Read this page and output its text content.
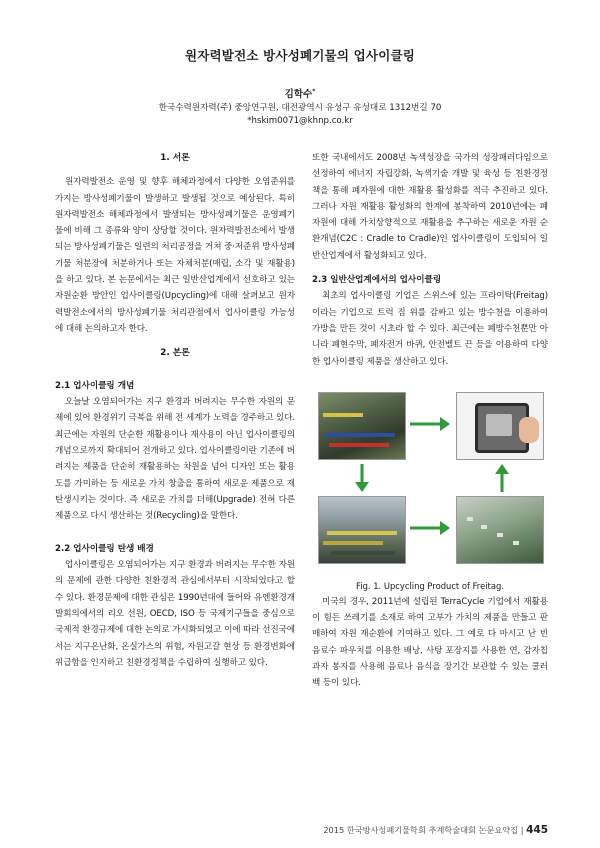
원자력발전소 방사성폐기물의 업사이클링
김학수*
한국수력원자력(주) 중앙연구원, 대전광역시 유성구 유성대로 1312번길 70
*hskim0071@khnp.co.kr

1. 서론

원자력발전소 운영 및 향후 해체과정에서 다양한 오염준위를 가지는 방사성폐기물이 발생하고 발생될 것으로 예상된다. 특히 원자력발전소 해체과정에서 발생되는 방사성폐기물은 운영폐기물에 비해 그 종류와 양이 상당할 것이다. 원자력발전소에서 발생되는 방사성폐기물은 일련의 처리공정을 거쳐 중·저준위 방사성폐기물 처분장에 처분하거나 또는 자체처분(매립, 소각 및 재활용)을 하고 있다. 본 논문에서는 최근 일반산업계에서 선호하고 있는 자원순환 방안인 업사이클링(Upcycling)에 대해 살펴보고 원자력발전소에서의 방사성폐기물 처리관점에서 업사이클링 가능성에 대해 논의하고자 한다.

2. 본론

2.1 업사이클링 개념

오늘날 오염되어가는 지구 환경과 버려지는 무수한 자원의 문제에 있어 환경위기 극복을 위해 전 세계가 노력을 경주하고 있다. 최근에는 자원의 단순한 재활용이나 재사용이 아닌 업사이클링의 개념으로까지 확대되어 전개하고 있다. 업사이클링이란 기존에 버려지는 제품을 단순히 재활용하는 차원을 넘어 디자인 또는 활용도를 가미하는 등 새로운 가치 창출을 통하여 새로운 제품으로 재탄생시키는 것이다. 즉 새로운 가치를 더해(Upgrade) 전혀 다른 제품으로 다시 생산하는 것(Recycling)을 말한다.

2.2 업사이클링 탄생 배경

업사이클링은 오염되어가는 지구 환경과 버려지는 무수한 자원의 문제에 관한 다양한 친환경적 관심에서부터 시작되었다고 할 수 있다. 환경문제에 대한 관심은 1990년대에 들어와 유엔환경개발회의에서의 리오 선원, OECD, ISO 등 국제기구들을 중심으로 국제적 환경규제에 대한 논의로 가시화되었고 이에 따라 선진국에서는 지구온난화, 온실가스의 위험, 자원고갈 현상 등 환경변화에 위급함을 인지하고 친환경정책을 수립하여 실행하고 있다.

또한 국내에서도 2008년 녹색성장을 국가의 성장패러다임으로 선정하여 에너지 자립강화, 녹색기술 개발 및 육성 등 친환경정책을 통해 폐자원에 대한 재활용 활성화를 적극 추진하고 있다. 그러나 자원 재활용 활성화의 한계에 봉착하여 2010년에는 폐자원에 대해 가치상향적으로 재활용을 추구하는 새로운 자원 순환개념(C2C : Cradle to Cradle)인 업사이클링이 도입되어 일반산업계에서 활성화되고 있다.

2.3 일반산업계에서의 업사이클링

최초의 업사이클링 기업은 스위스에 있는 프라이탁(Freitag)이라는 기업으로 트럭 짐 위를 감싸고 있는 방수천을 이용하여 가방을 만든 것이 시초라 할 수 있다. 최근에는 폐방수천뿐만 아니라 폐현수막, 폐자전거 바퀴, 안전벨트 끈 등을 이용하여 다양한 업사이클링 제품을 생산하고 있다.

Fig. 1. Upcycling Product of Freitag.

미국의 경우, 2011년에 설립된 TerraCycle 기업에서 재활용이 힘든 쓰레기를 소재로 하여 고부가 가치의 제품을 만들고 판매하여 자원 재순환에 기여하고 있다. 그 예로 다 마시고 난 빈 음료수 파우치를 이용한 배낭, 사탕 포장지를 사용한 연, 감자칩 과자 봉지를 사용해 음료나 음식을 장기간 보관할 수 있는 쿨러백 등이 있다.

2015 한국방사성폐기물학회 추계학술대회 논문요약집 | 445
